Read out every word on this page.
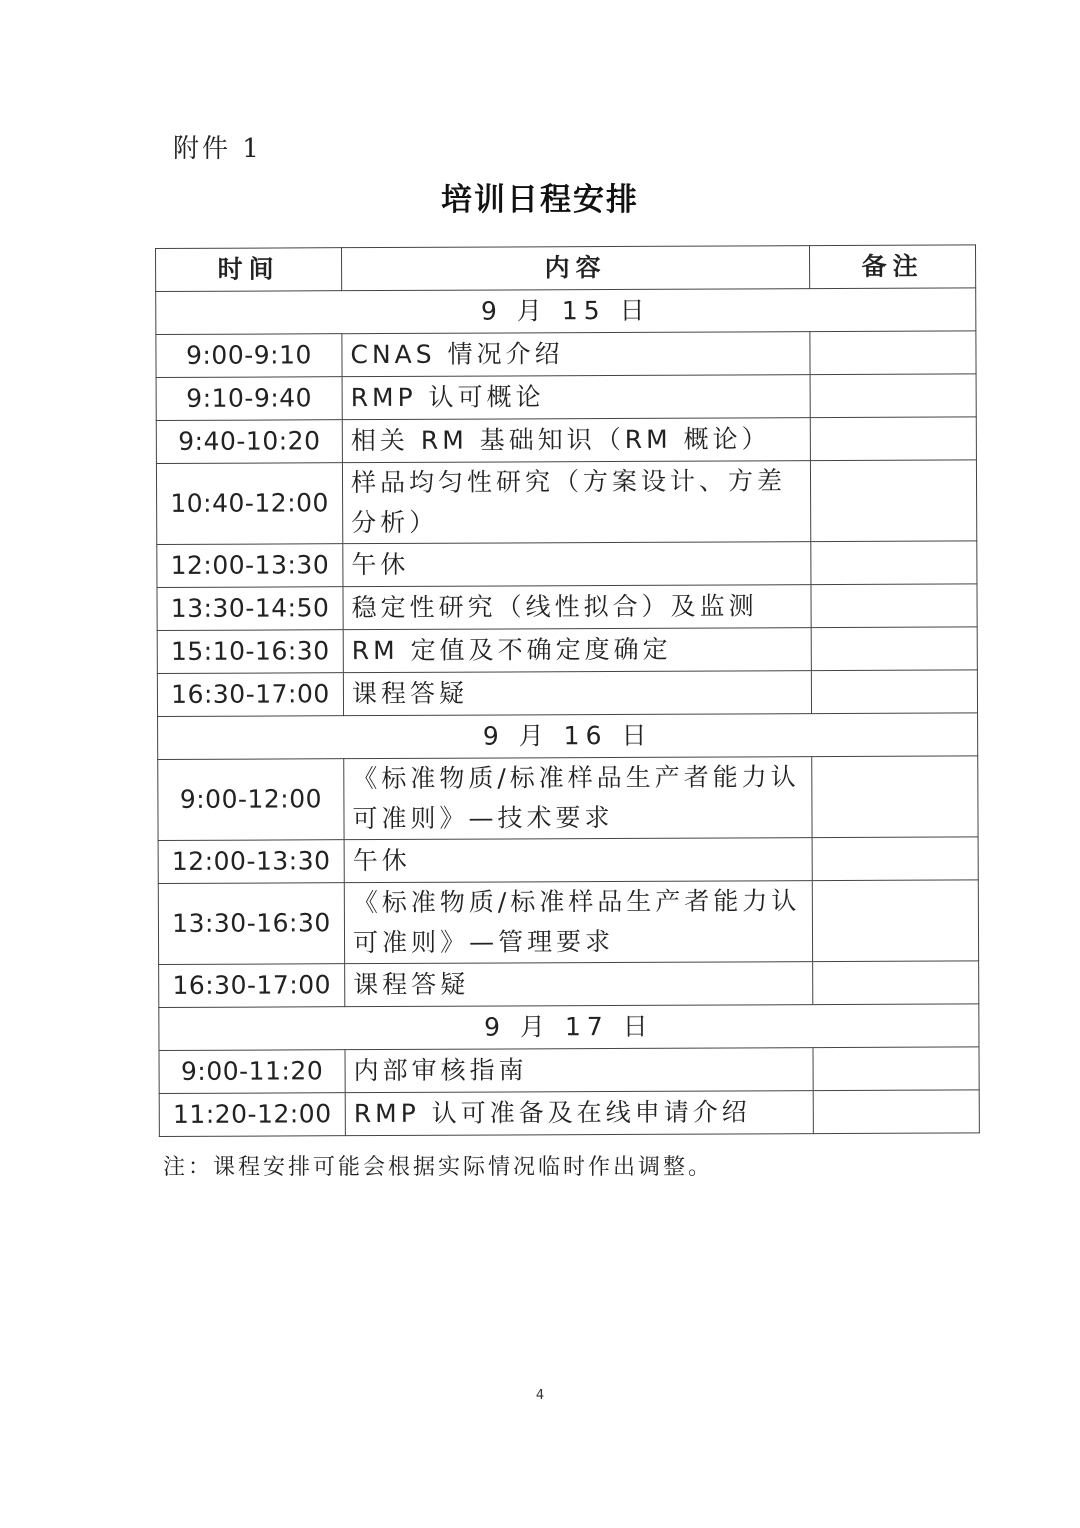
附件 1
培训日程安排
时间	内容	备注
9 月 15 日		
9:00-9:10	CNAS 情况介绍	
9:10-9:40	RMP 认可概论	
9:40-10:20	相关 RM 基础知识（RM 概论）	
10:40-12:00	样品均匀性研究（方案设计、方差分析）	
12:00-13:30	午休	
13:30-14:50	稳定性研究（线性拟合）及监测	
15:10-16:30	RM 定值及不确定度确定	
16:30-17:00	课程答疑	
9 月 16 日		
9:00-12:00	《标准物质/标准样品生产者能力认可准则》—技术要求	
12:00-13:30	午休	
13:30-16:30	《标准物质/标准样品生产者能力认可准则》—管理要求	
16:30-17:00	课程答疑	
9 月 17 日		
9:00-11:20	内部审核指南	
11:20-12:00	RMP 认可准备及在线申请介绍	
注：课程安排可能会根据实际情况临时作出调整。
4
